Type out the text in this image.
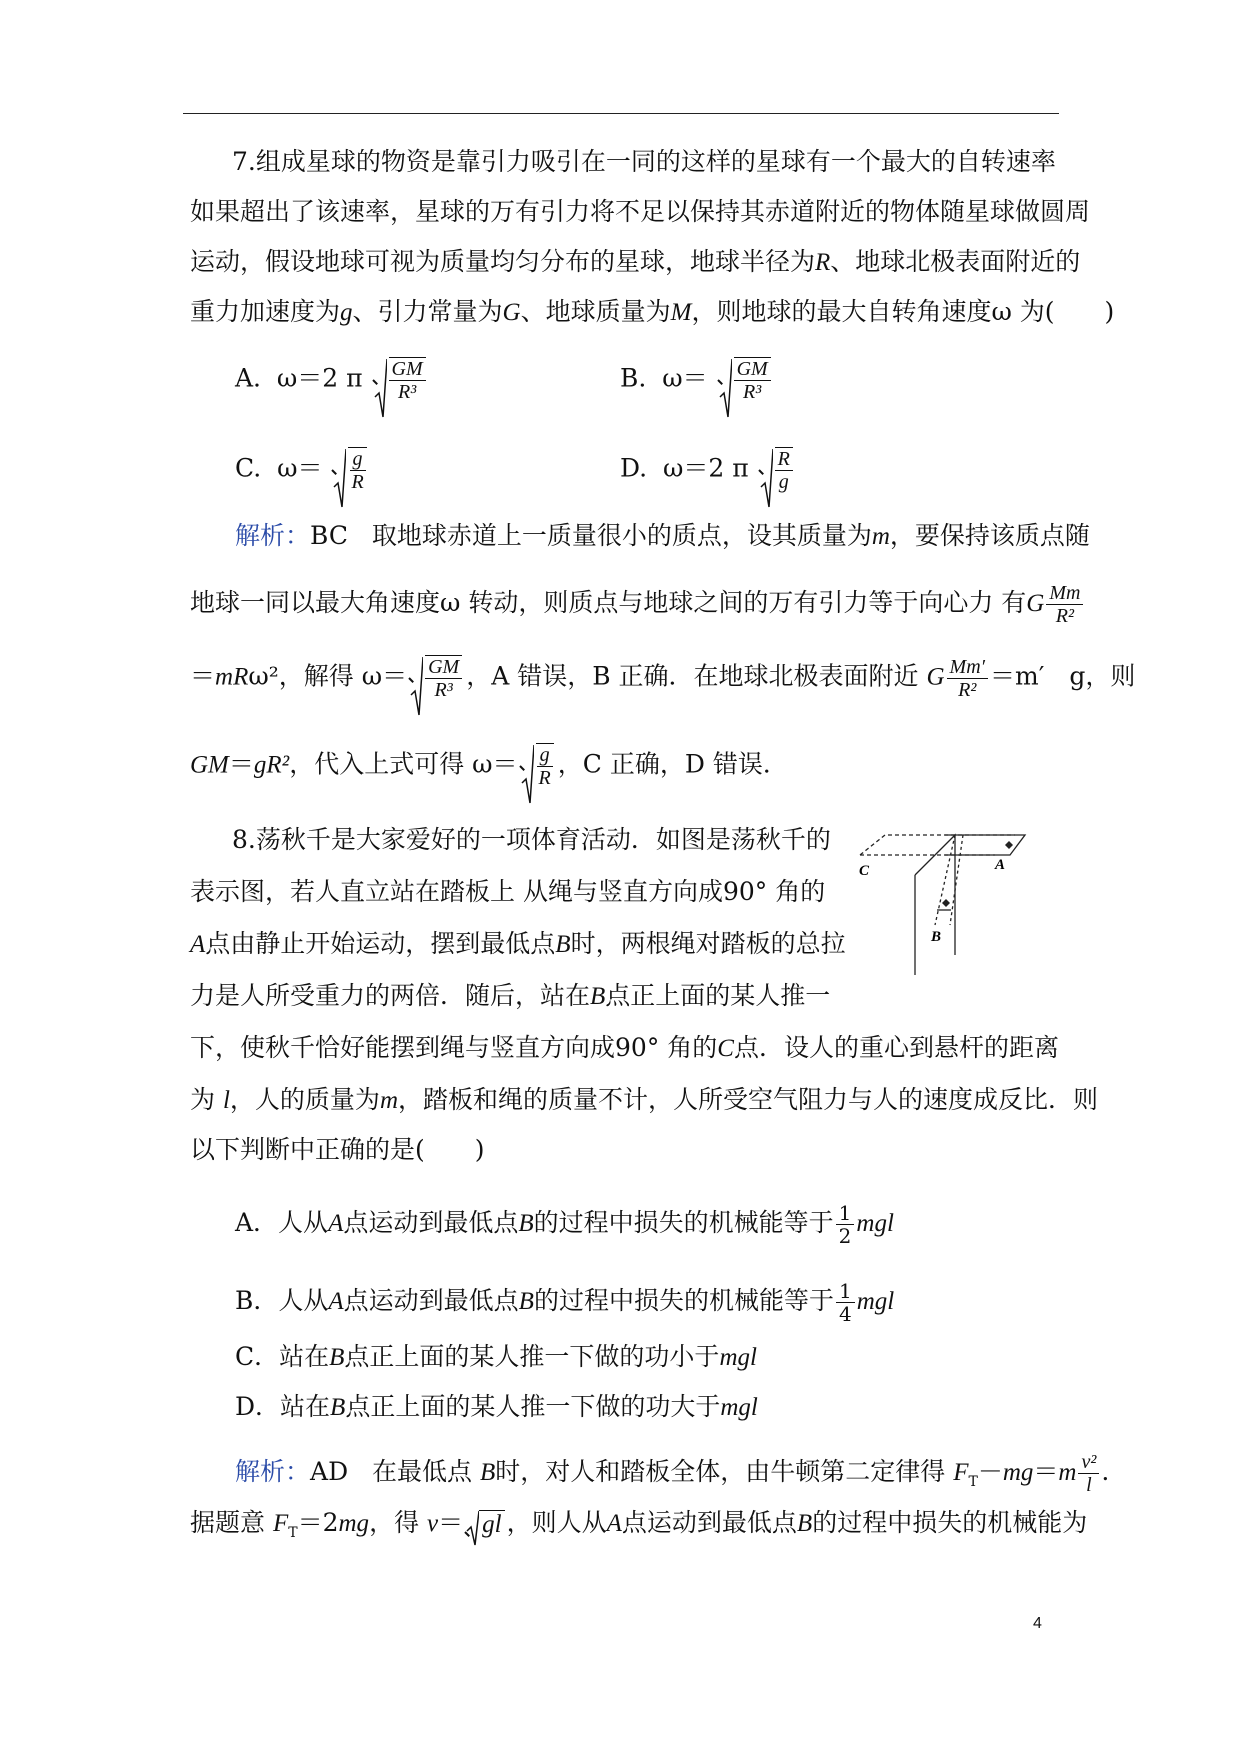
7.组成星球的物资是靠引力吸引在一同的这样的星球有一个最大的自转速率
如果超出了该速率，星球的万有引力将不足以保持其赤道附近的物体随星球做圆周
运动，假设地球可视为质量均匀分布的星球，地球半径为R、地球北极表面附近的
重力加速度为g、引力常量为G、地球质量为M，则地球的最大自转角速度ω 为(　　)
A. ω＝2 π $\frac{GM}{\text{R³}}$	B. $\omega= \frac{GM}{\text{R³}}$
C. $\omega= \frac{g}{R}$	D. ω＝2 π $\frac{R}{g}$
解析：BC 取地球赤道上一质量很小的质点，设其质量为m，要保持该质点随
地球一同以最大角速度ω 转动，则质点与地球之间的万有引力等于向心力 有G $\frac{Mm}{\text{R²}}$
＝mRω²，解得 $\omega= \frac{GM}{\text{R³}}$ ，A 错误，B 正确．在地球北极表面附近 G $\frac{Mm'}{\text{R²}} =m'$　g，则
GM＝gR²，代入上式可得 $\omega= \frac{g}{R}$ ，C 正确，D 错误．
8.荡秋千是大家爱好的一项体育活动．如图是荡秋千的
表示图，若人直立站在踏板上 从绳与竖直方向成90° 角的
A点由静止开始运动，摆到最低点B时，两根绳对踏板的总拉
力是人所受重力的两倍．随后，站在B点正上面的某人推一
下，使秋千恰好能摆到绳与竖直方向成90° 角的C点．设人的重心到悬杆的距离
为 l，人的质量为m，踏板和绳的质量不计，人所受空气阻力与人的速度成反比．则
以下判断中正确的是(　　)
A．人从A点运动到最低点B的过程中损失的机械能等于 $\frac{1}{2}$ mgl
B．人从A点运动到最低点B的过程中损失的机械能等于 $\frac{1}{4}$ mgl
C．站在B点正上面的某人推一下做的功小于mgl
D．站在B点正上面的某人推一下做的功大于mgl
解析：AD 在最低点 B时，对人和踏板全体，由牛顿第二定律得 $F_T-mg=m \frac{\text{v²}}{l}$ .
据题意 $F_T=2mg$，得 v＝ gl ，则人从A点运动到最低点B的过程中损失的机械能为
A
B
C
4
